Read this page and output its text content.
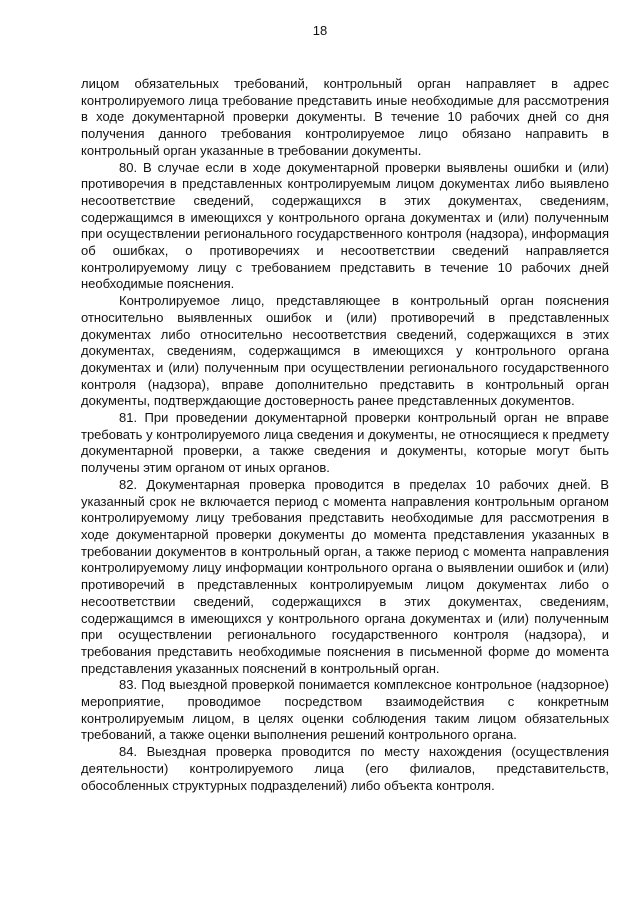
18

лицом обязательных требований, контрольный орган направляет в адрес контролируемого лица требование представить иные необходимые для рассмотрения в ходе документарной проверки документы. В течение 10 рабочих дней со дня получения данного требования контролируемое лицо обязано направить в контрольный орган указанные в требовании документы.

80. В случае если в ходе документарной проверки выявлены ошибки и (или) противоречия в представленных контролируемым лицом документах либо выявлено несоответствие сведений, содержащихся в этих документах, сведениям, содержащимся в имеющихся у контрольного органа документах и (или) полученным при осуществлении регионального государственного контроля (надзора), информация об ошибках, о противоречиях и несоответствии сведений направляется контролируемому лицу с требованием представить в течение 10 рабочих дней необходимые пояснения.

Контролируемое лицо, представляющее в контрольный орган пояснения относительно выявленных ошибок и (или) противоречий в представленных документах либо относительно несоответствия сведений, содержащихся в этих документах, сведениям, содержащимся в имеющихся у контрольного органа документах и (или) полученным при осуществлении регионального государственного контроля (надзора), вправе дополнительно представить в контрольный орган документы, подтверждающие достоверность ранее представленных документов.

81. При проведении документарной проверки контрольный орган не вправе требовать у контролируемого лица сведения и документы, не относящиеся к предмету документарной проверки, а также сведения и документы, которые могут быть получены этим органом от иных органов.

82. Документарная проверка проводится в пределах 10 рабочих дней. В указанный срок не включается период с момента направления контрольным органом контролируемому лицу требования представить необходимые для рассмотрения в ходе документарной проверки документы до момента представления указанных в требовании документов в контрольный орган, а также период с момента направления контролируемому лицу информации контрольного органа о выявлении ошибок и (или) противоречий в представленных контролируемым лицом документах либо о несоответствии сведений, содержащихся в этих документах, сведениям, содержащимся в имеющихся у контрольного органа документах и (или) полученным при осуществлении регионального государственного контроля (надзора), и требования представить необходимые пояснения в письменной форме до момента представления указанных пояснений в контрольный орган.

83. Под выездной проверкой понимается комплексное контрольное (надзорное) мероприятие, проводимое посредством взаимодействия с конкретным контролируемым лицом, в целях оценки соблюдения таким лицом обязательных требований, а также оценки выполнения решений контрольного органа.

84. Выездная проверка проводится по месту нахождения (осуществления деятельности) контролируемого лица (его филиалов, представительств, обособленных структурных подразделений) либо объекта контроля.
